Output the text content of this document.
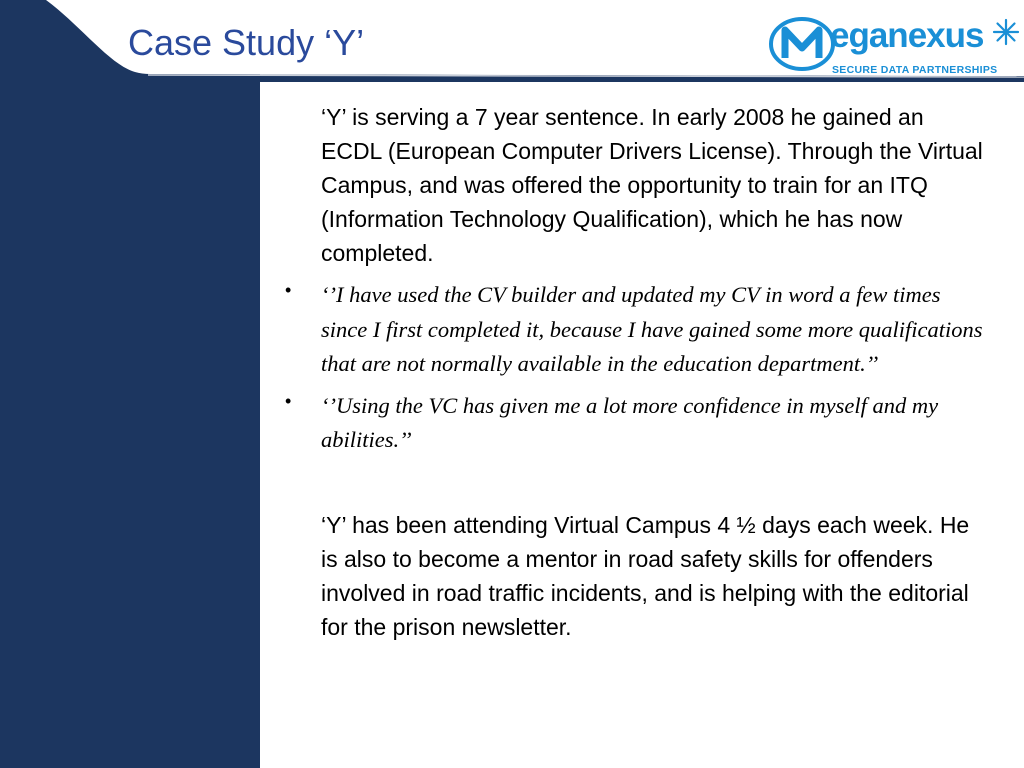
Case Study ‘Y’	eganexus
SECURE DATA PARTNERSHIPS

‘Y’ is serving a 7 year sentence. In early 2008 he gained an ECDL (European Computer Drivers License). Through the Virtual Campus, and was offered the opportunity to train for an ITQ (Information Technology Qualification), which he has now completed.

• ‘’I have used the CV builder and updated my CV in word a few times since I first completed it, because I have gained some more qualifications that are not normally available in the education department.’’
• ‘’Using the VC has given me a lot more confidence in myself and my abilities.’’

‘Y’ has been attending Virtual Campus 4 ½ days each week. He is also to become a mentor in road safety skills for offenders involved in road traffic incidents, and is helping with the editorial for the prison newsletter.
